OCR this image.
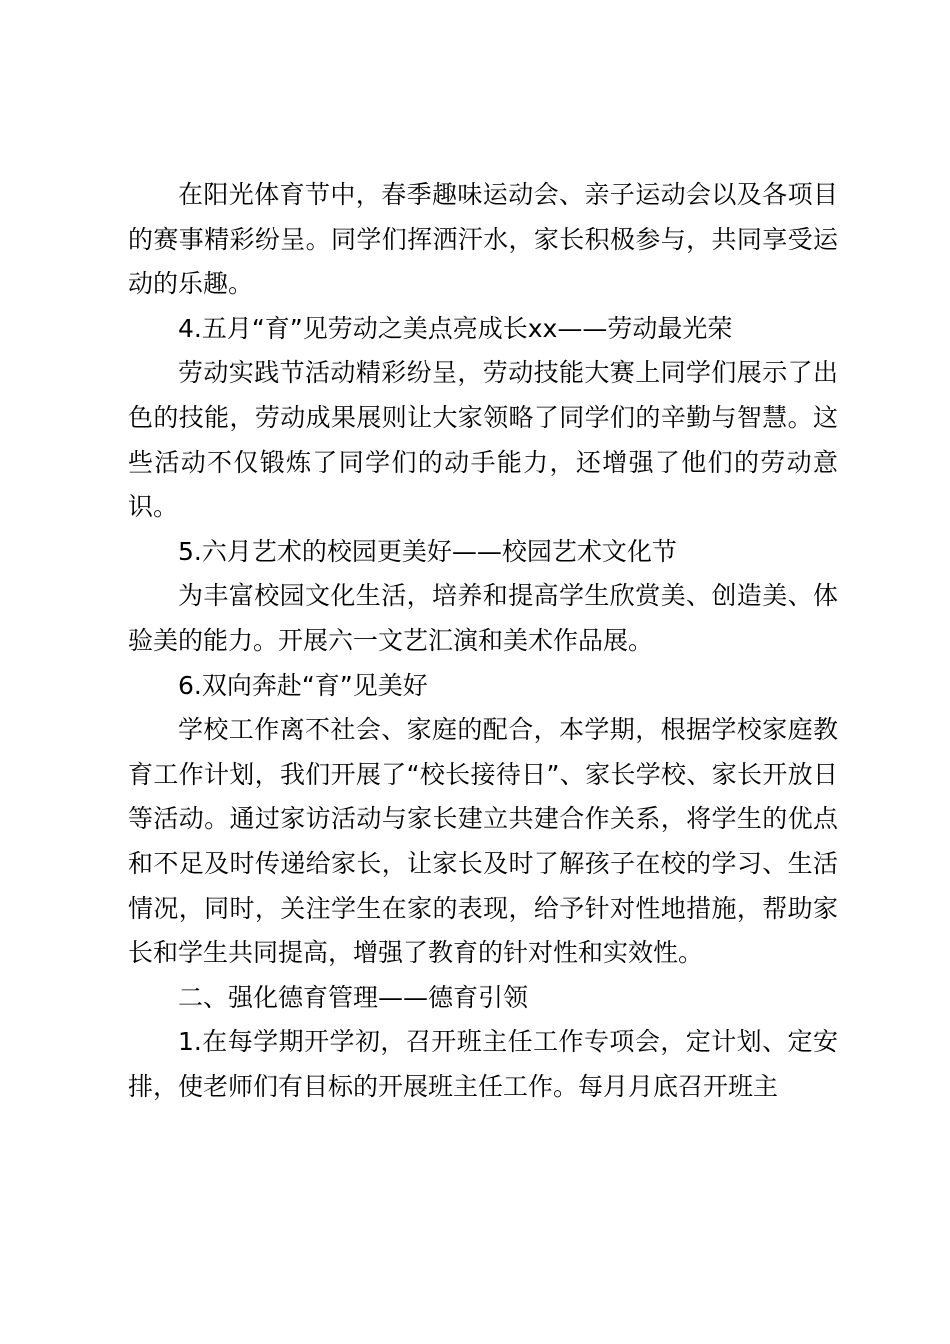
在阳光体育节中，春季趣味运动会、亲子运动会以及各项目的赛事精彩纷呈。同学们挥洒汗水，家长积极参与，共同享受运动的乐趣。

4.五月“育”见劳动之美点亮成长xx——劳动最光荣

劳动实践节活动精彩纷呈，劳动技能大赛上同学们展示了出色的技能，劳动成果展则让大家领略了同学们的辛勤与智慧。这些活动不仅锻炼了同学们的动手能力，还增强了他们的劳动意识。

5.六月艺术的校园更美好——校园艺术文化节

为丰富校园文化生活，培养和提高学生欣赏美、创造美、体验美的能力。开展六一文艺汇演和美术作品展。

6.双向奔赴“育”见美好

学校工作离不社会、家庭的配合，本学期，根据学校家庭教育工作计划，我们开展了“校长接待日”、家长学校、家长开放日等活动。通过家访活动与家长建立共建合作关系，将学生的优点和不足及时传递给家长，让家长及时了解孩子在校的学习、生活情况，同时，关注学生在家的表现，给予针对性地措施，帮助家长和学生共同提高，增强了教育的针对性和实效性。

二、强化德育管理——德育引领

1.在每学期开学初，召开班主任工作专项会，定计划、定安排，使老师们有目标的开展班主任工作。每月月底召开班主
